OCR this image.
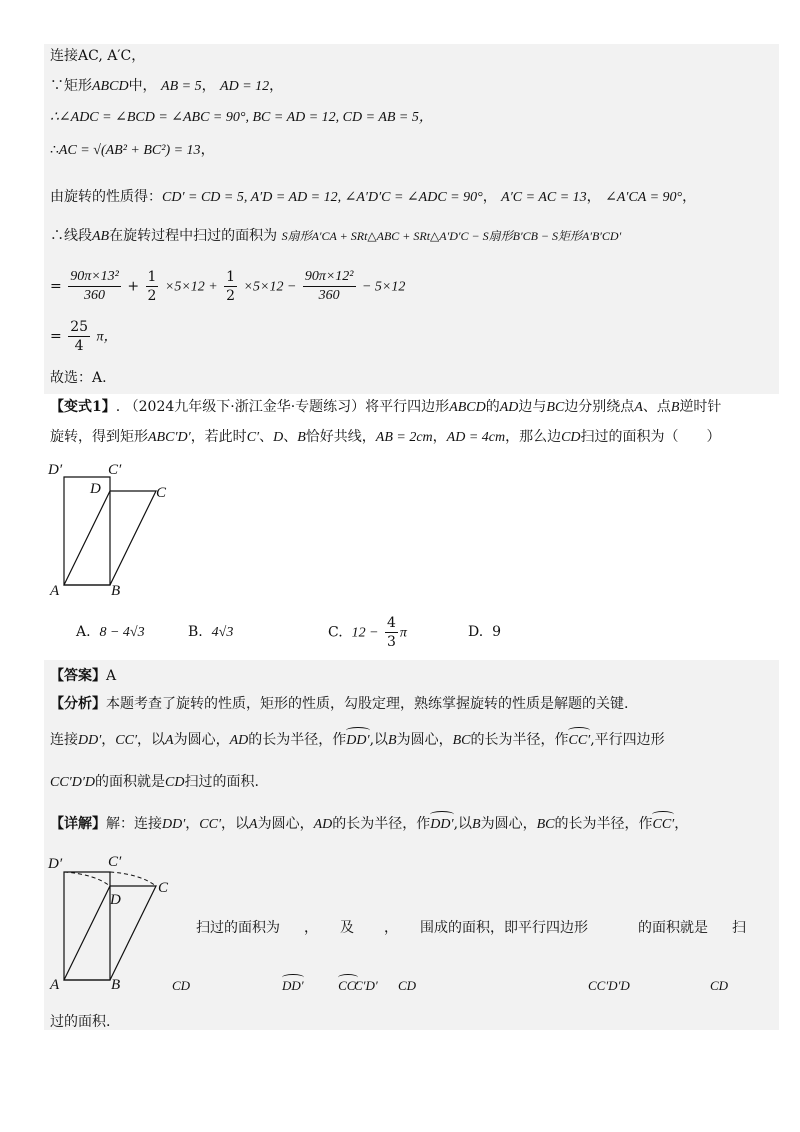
连接AC, A′C，
∵矩形ABCD中， AB = 5， AD = 12，
∴∠ADC = ∠BCD = ∠ABC = 90°, BC = AD = 12, CD = AB = 5，
∴AC = √(AB² + BC²) = 13，
由旋转的性质得：CD′ = CD = 5, A′D = AD = 12, ∠A′D′C = ∠ADC = 90°， A′C = AC = 13， ∠A′CA = 90°，
∴线段AB在旋转过程中扫过的面积为 S扇形A′CA + SRt△ABC + SRt△A′D′C − S扇形B′CB − S矩形A′B′CD′
= $\frac{\text{90π×13²}}{360} + \frac{1}{2} \times 5\times 12 + \frac{1}{2} \times 5\times 12 - \frac{\text{90π×12²}}{360} - 5\times 12$
= $\frac{25}{4}$ π，
故选：A.
【变式1】. （2024九年级下·浙江金华·专题练习）将平行四边形ABCD的AD边与BC边分别绕点A、点B逆时针
旋转，得到矩形ABC′D′，若此时C′、D、B恰好共线，AB = 2cm，AD = 4cm，那么边CD扫过的面积为（　　）
D′	C′
D	C
A	B
A. 8 − 4√3	B. 4√3	C. $12 - \frac{4}{3}$ π	D. 9
【答案】A
【分析】本题考查了旋转的性质，矩形的性质，勾股定理，熟练掌握旋转的性质是解题的关键.
连接DD′，CC′，以A为圆心，AD的长为半径，作DD′,以B为圆心，BC的长为半径，作CC′,平行四边形
CC′D′D的面积就是CD扫过的面积.
【详解】解：连接DD′，CC′，以A为圆心，AD的长为半径，作DD′,以B为圆心，BC的长为半径，作CC′，
D′	C′
D
C
A	B
扫过的面积为 ， 及 ， 围成的面积，即平行四边形	的面积就是 扫
CD	DD′	CC′
C′D′ CD	CC′D′D	CD
过的面积.
